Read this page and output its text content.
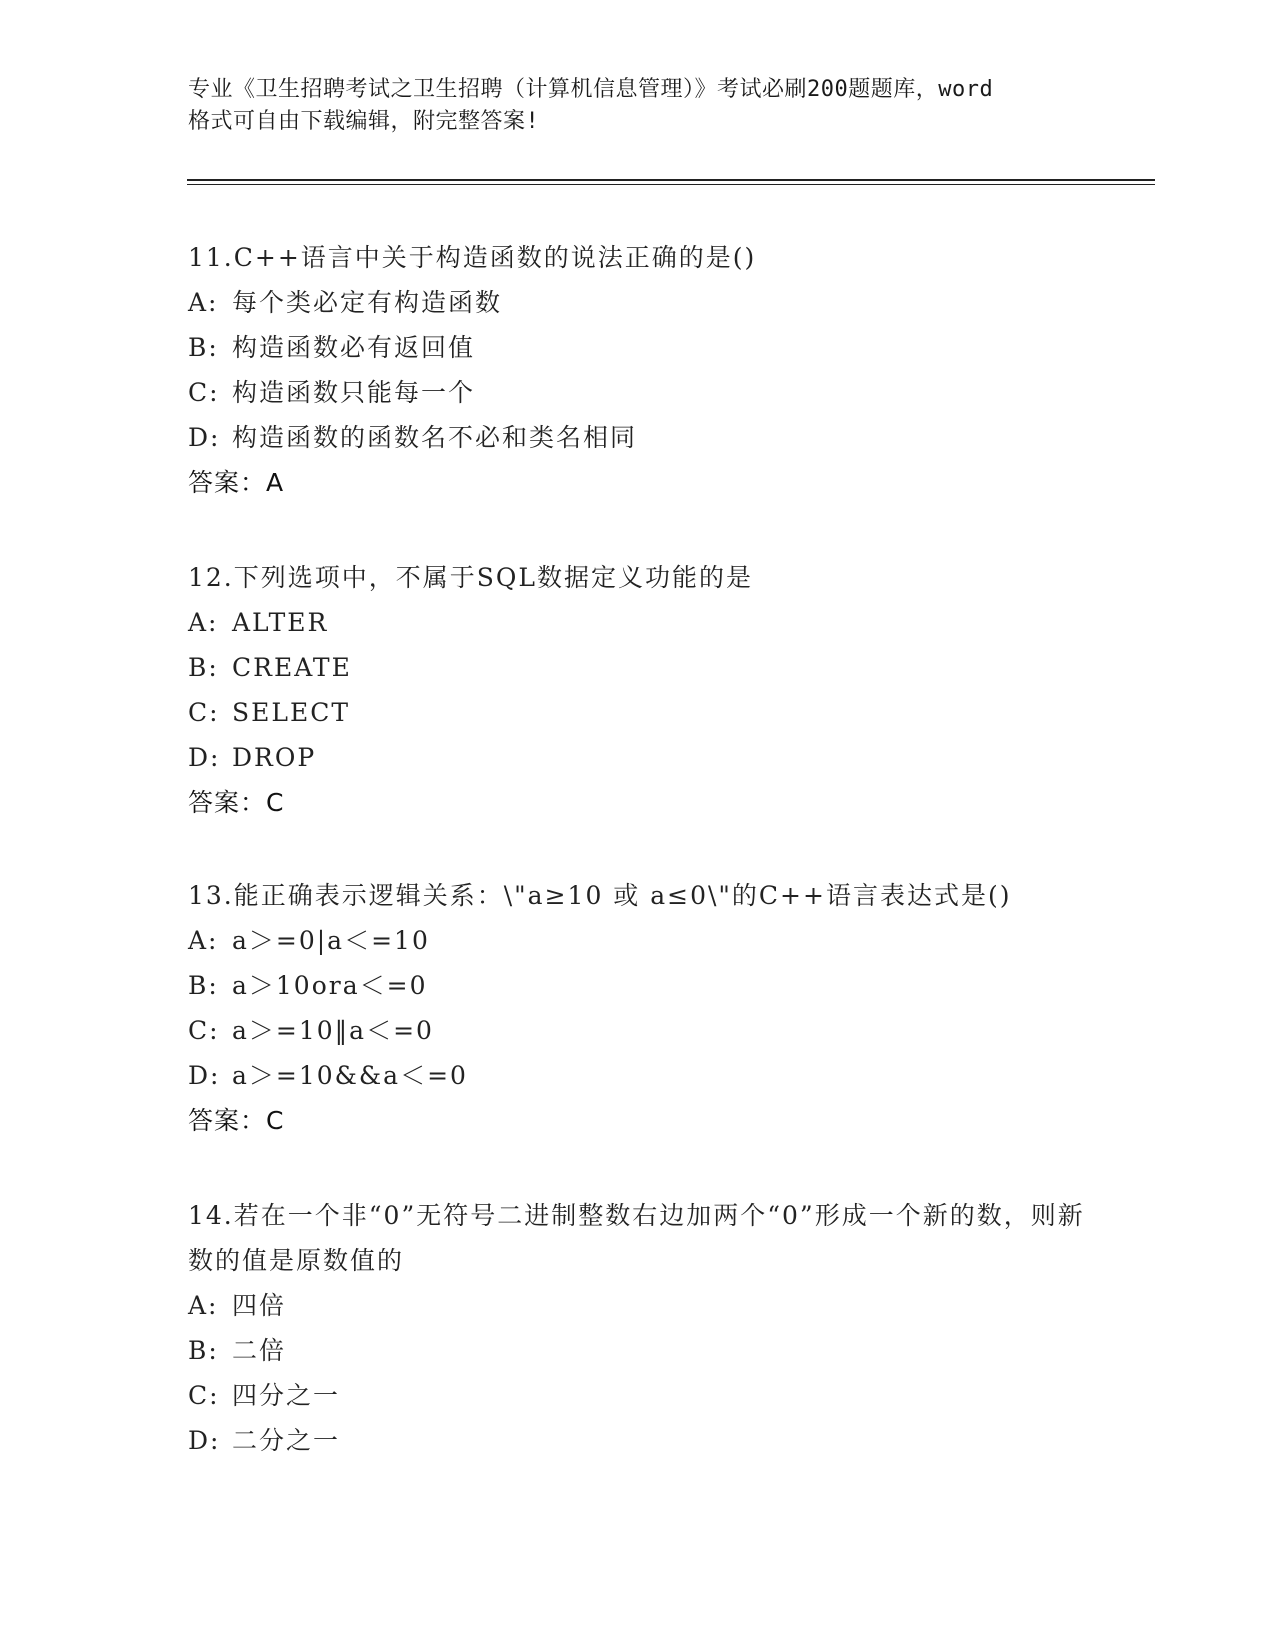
专业《卫生招聘考试之卫生招聘（计算机信息管理）》考试必刷200题题库，word
格式可自由下载编辑，附完整答案!

11.C++语言中关于构造函数的说法正确的是()

A: 每个类必定有构造函数

B: 构造函数必有返回值

C: 构造函数只能每一个

D: 构造函数的函数名不必和类名相同

答案：A

12.下列选项中，不属于SQL数据定义功能的是

A: ALTER

B: CREATE

C: SELECT

D: DROP

答案：C

13.能正确表示逻辑关系：\"a≥10 或 a≤0\"的C++语言表达式是()

A: a＞=0|a＜=10

B: a＞10ora＜=0

C: a＞=10‖a＜=0

D: a＞=10&&a＜=0

答案：C

14.若在一个非“0”无符号二进制整数右边加两个“0”形成一个新的数，则新数的值是原数值的

A: 四倍

B: 二倍

C: 四分之一

D: 二分之一
